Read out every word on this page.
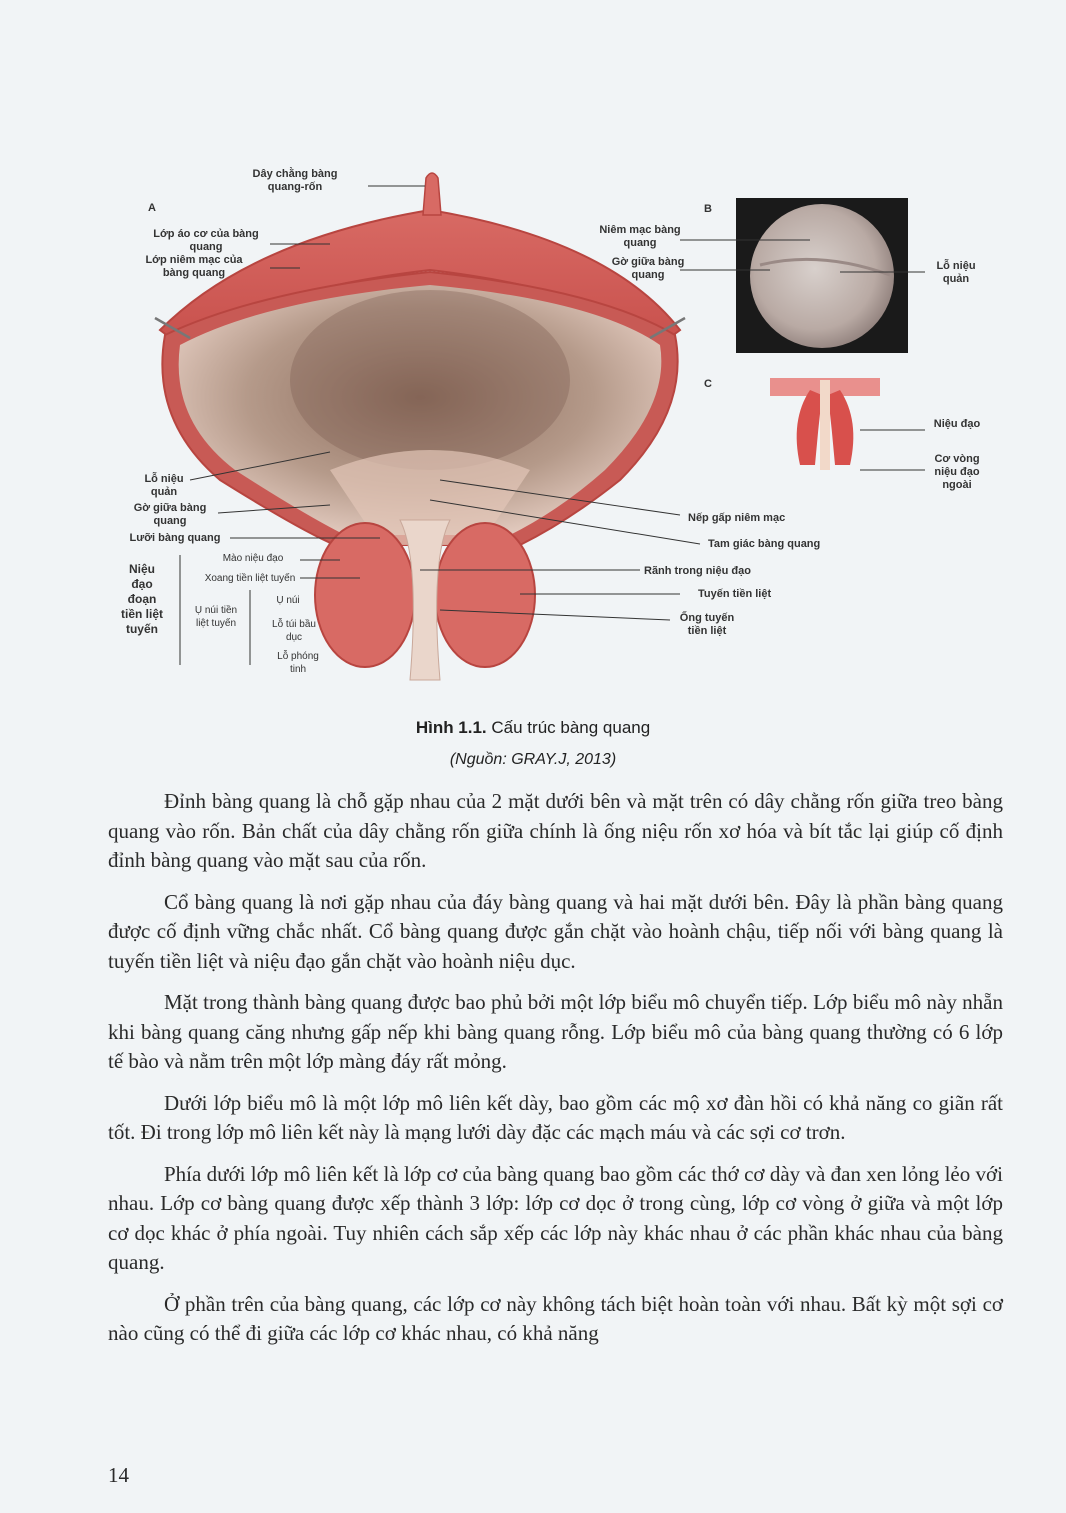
A	B
C
Dây chằng bàng quang-rốn
Lớp áo cơ của bàng quang
Lớp niêm mạc của bàng quang
Lỗ niệu quản
Gờ giữa bàng quang
Lưỡi bàng quang
Niệu đạo đoạn tiền liệt tuyến
Mào niệu đạo
Xoang tiền liệt tuyến
Ụ núi tiền liệt tuyến
Ụ núi
Lỗ túi bầu dục
Lỗ phóng tinh
Niêm mạc bàng quang
Gờ giữa bàng quang
Lỗ niệu quản
Niệu đạo
Cơ vòng niệu đạo ngoài
Nếp gấp niêm mạc
Tam giác bàng quang
Rãnh trong niệu đạo
Tuyến tiền liệt
Ống tuyến tiền liệt
Hình 1.1. Cấu trúc bàng quang
(Nguồn: GRAY.J, 2013)

Đỉnh bàng quang là chỗ gặp nhau của 2 mặt dưới bên và mặt trên có dây chằng rốn giữa treo bàng quang vào rốn. Bản chất của dây chằng rốn giữa chính là ống niệu rốn xơ hóa và bít tắc lại giúp cố định đỉnh bàng quang vào mặt sau của rốn.

Cổ bàng quang là nơi gặp nhau của đáy bàng quang và hai mặt dưới bên. Đây là phần bàng quang được cố định vững chắc nhất. Cổ bàng quang được gắn chặt vào hoành chậu, tiếp nối với bàng quang là tuyến tiền liệt và niệu đạo gắn chặt vào hoành niệu dục.

Mặt trong thành bàng quang được bao phủ bởi một lớp biểu mô chuyển tiếp. Lớp biểu mô này nhẵn khi bàng quang căng nhưng gấp nếp khi bàng quang rỗng. Lớp biểu mô của bàng quang thường có 6 lớp tế bào và nằm trên một lớp màng đáy rất mỏng.

Dưới lớp biểu mô là một lớp mô liên kết dày, bao gồm các mộ xơ đàn hồi có khả năng co giãn rất tốt. Đi trong lớp mô liên kết này là mạng lưới dày đặc các mạch máu và các sợi cơ trơn.

Phía dưới lớp mô liên kết là lớp cơ của bàng quang bao gồm các thớ cơ dày và đan xen lỏng lẻo với nhau. Lớp cơ bàng quang được xếp thành 3 lớp: lớp cơ dọc ở trong cùng, lớp cơ vòng ở giữa và một lớp cơ dọc khác ở phía ngoài. Tuy nhiên cách sắp xếp các lớp này khác nhau ở các phần khác nhau của bàng quang.

Ở phần trên của bàng quang, các lớp cơ này không tách biệt hoàn toàn với nhau. Bất kỳ một sợi cơ nào cũng có thể đi giữa các lớp cơ khác nhau, có khả năng

14
